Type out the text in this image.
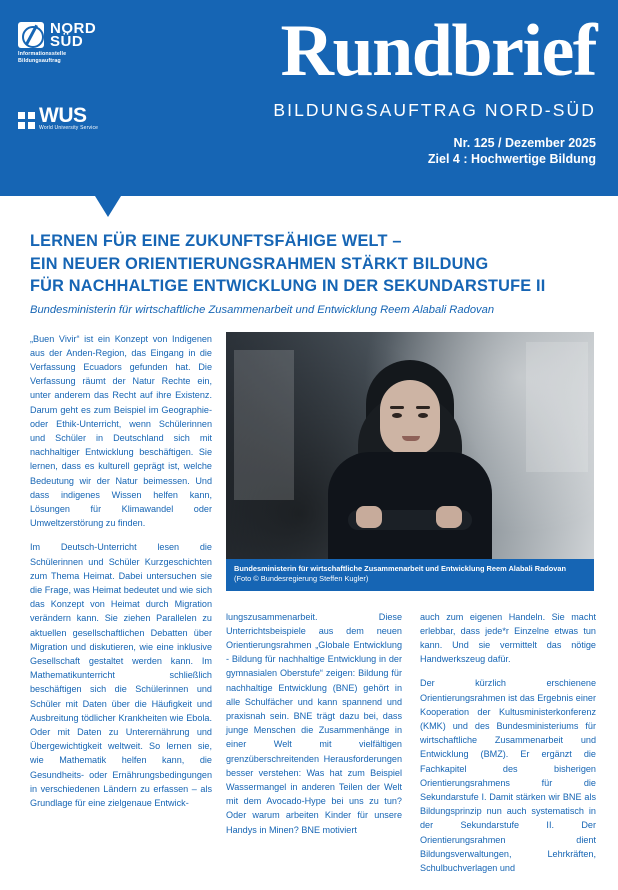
NORD
SÜD
Informationsstelle
Bildungsauftrag
WUS
World University Service
Rundbrief
BILDUNGSAUFTRAG NORD-SÜD
Nr. 125 / Dezember 2025
Ziel 4 : Hochwertige Bildung
LERNEN FÜR EINE ZUKUNFTSFÄHIGE WELT –
EIN NEUER ORIENTIERUNGSRAHMEN STÄRKT BILDUNG
FÜR NACHHALTIGE ENTWICKLUNG IN DER SEKUNDARSTUFE II

Bundesministerin für wirtschaftliche Zusammenarbeit und Entwicklung Reem Alabali Radovan

„Buen Vivir“ ist ein Konzept von Indigenen aus der Anden-Region, das Eingang in die Verfassung Ecuadors gefunden hat. Die Verfassung räumt der Natur Rechte ein, unter anderem das Recht auf ihre Existenz. Darum geht es zum Beispiel im Geographie- oder Ethik-Unterricht, wenn Schülerinnen und Schüler in Deutschland sich mit nachhaltiger Entwicklung beschäftigen. Sie lernen, dass es kulturell geprägt ist, welche Bedeutung wir der Natur beimessen. Und dass indigenes Wissen helfen kann, Lösungen für Klimawandel oder Umweltzerstörung zu finden.

Im Deutsch-Unterricht lesen die Schülerinnen und Schüler Kurzgeschichten zum Thema Heimat. Dabei untersuchen sie die Frage, was Heimat bedeutet und wie sich das Konzept von Heimat durch Migration verändern kann. Sie ziehen Parallelen zu aktuellen gesellschaftlichen Debatten über Migration und diskutieren, wie eine inklusive Gesellschaft gestaltet werden kann. Im Mathematikunterricht schließlich beschäftigen sich die Schülerinnen und Schüler mit Daten über die Häufigkeit und Ausbreitung tödlicher Krankheiten wie Ebola. Oder mit Daten zu Unterernährung und Übergewichtigkeit weltweit. So lernen sie, wie Mathematik helfen kann, die Gesundheits- oder Ernährungsbedingungen in verschiedenen Ländern zu erfassen – als Grundlage für eine zielgenaue Entwick-

Bundesministerin für wirtschaftliche Zusammenarbeit und Entwicklung Reem Alabali Radovan
(Foto © Bundesregierung Steffen Kugler)

lungszusammenarbeit. Diese Unterrichtsbeispiele aus dem neuen Orientierungsrahmen „Globale Entwicklung - Bildung für nachhaltige Entwicklung in der gymnasialen Oberstufe“ zeigen: Bildung für nachhaltige Entwicklung (BNE) gehört in alle Schulfächer und kann spannend und praxisnah sein. BNE trägt dazu bei, dass junge Menschen die Zusammenhänge in einer Welt mit vielfältigen grenzüberschreitenden Herausforderungen besser verstehen: Was hat zum Beispiel Wassermangel in anderen Teilen der Welt mit dem Avocado-Hype bei uns zu tun? Oder warum arbeiten Kinder für unsere Handys in Minen? BNE motiviert

auch zum eigenen Handeln. Sie macht erlebbar, dass jede*r Einzelne etwas tun kann. Und sie vermittelt das nötige Handwerkszeug dafür.

Der kürzlich erschienene Orientierungsrahmen ist das Ergebnis einer Kooperation der Kultusministerkonferenz (KMK) und des Bundesministeriums für wirtschaftliche Zusammenarbeit und Entwicklung (BMZ). Er ergänzt die Fachkapitel des bisherigen Orientierungsrahmens für die Sekundarstufe I. Damit stärken wir BNE als Bildungsprinzip nun auch systematisch in der Sekundarstufe II. Der Orientierungsrahmen dient Bildungsverwaltungen, Lehrkräften, Schulbuchverlagen und
